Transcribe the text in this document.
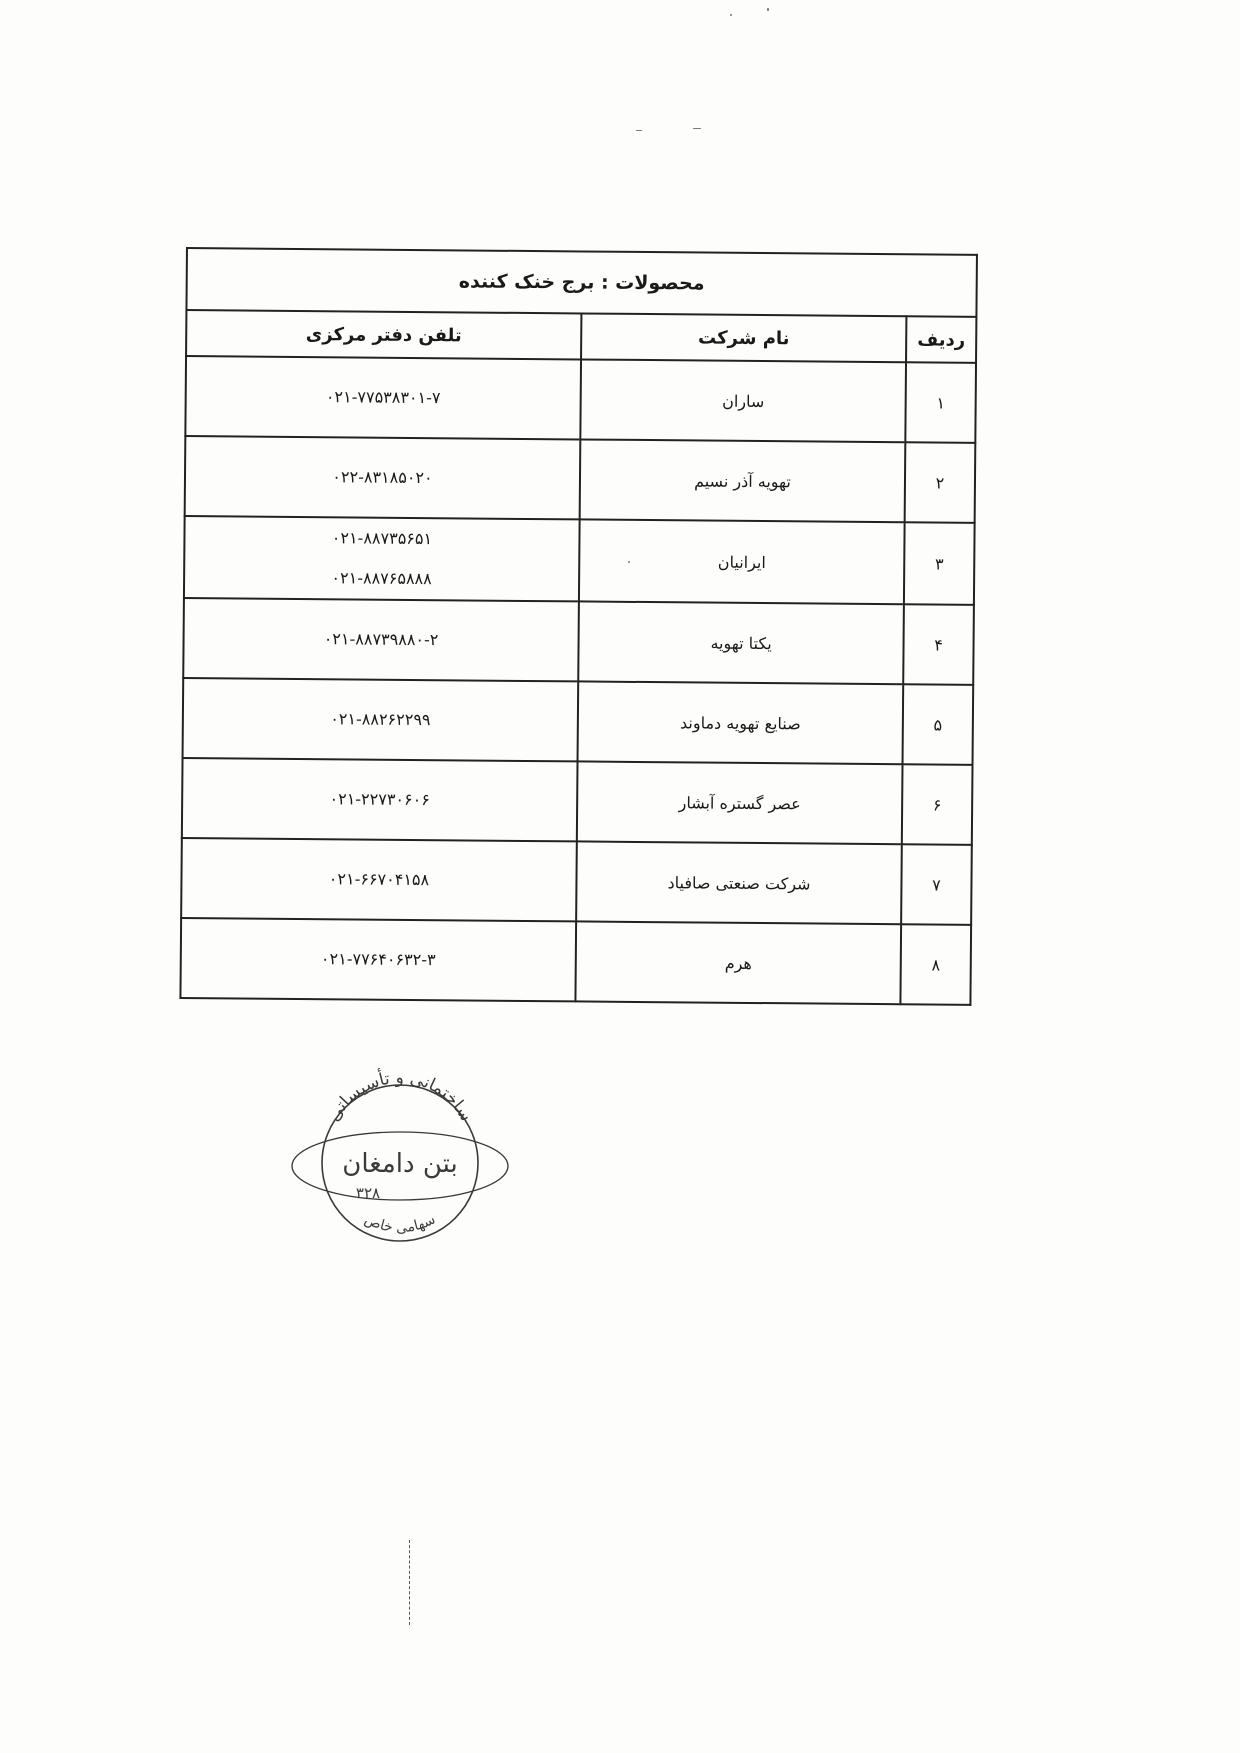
محصولات : برج خنک کننده		
ردیف	نام شرکت	تلفن دفتر مرکزی
۱	ساران	۰۲۱-۷۷۵۳۸۳۰۱-۷

۲	تهویه آذر نسیم	۰۲۲-۸۳۱۸۵۰۲۰

۳	ایرانیان	۰۲۱-۸۸۷۳۵۶۵۱
۰۲۱-۸۸۷۶۵۸۸۸

۴	یکتا تهویه	۰۲۱-۸۸۷۳۹۸۸۰-۲

۵	صنایع تهویه دماوند	۰۲۱-۸۸۲۶۲۲۹۹

۶	عصر گستره آبشار	۰۲۱-۲۲۷۳۰۶۰۶

۷	شرکت صنعتی صافیاد	۰۲۱-۶۶۷۰۴۱۵۸

۸	هرم	۰۲۱-۷۷۶۴۰۶۳۲-۳
ساختمانی و تأسیساتی
بتن دامغان
۳۲۸
سهامی خاص
